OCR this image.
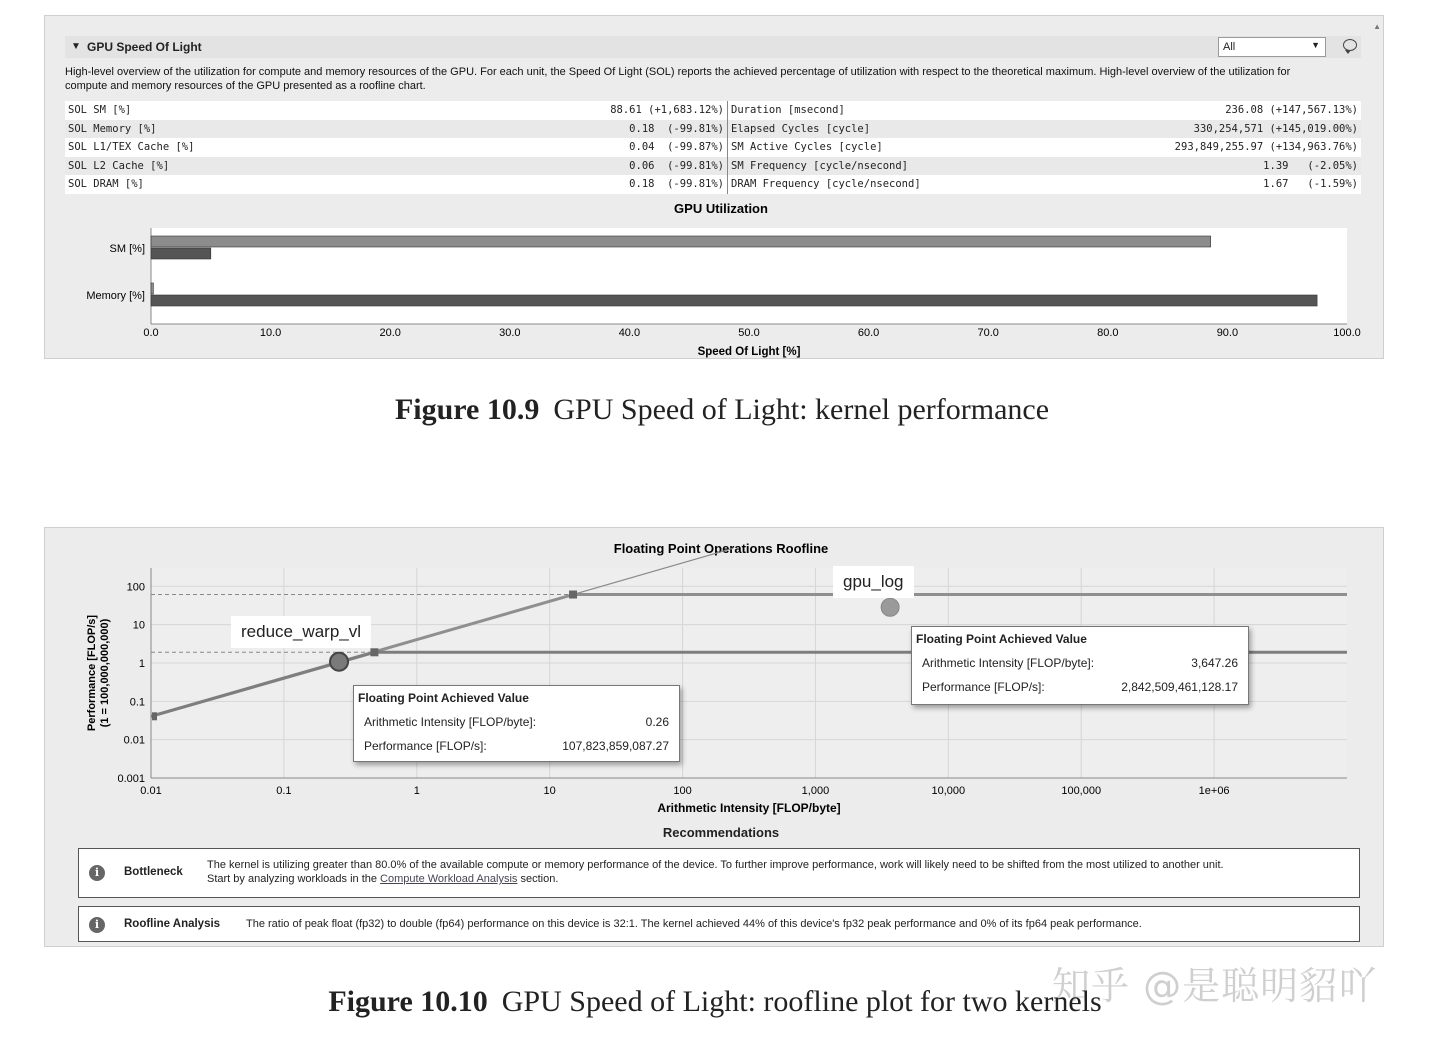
▼ GPU Speed Of Light	All	▼
▲
High-level overview of the utilization for compute and memory resources of the GPU. For each unit, the Speed Of Light (SOL) reports the achieved percentage of utilization with respect to the theoretical maximum. High-level overview of the utilization for compute and memory resources of the GPU presented as a roofline chart.
SOL SM [%]	88.61 (+1,683.12%)	Duration [msecond]	236.08 (+147,567.13%)
SOL Memory [%]	0.18  (-99.81%)	Elapsed Cycles [cycle]	330,254,571 (+145,019.00%)
SOL L1/TEX Cache [%]	0.04  (-99.87%)	SM Active Cycles [cycle]	293,849,255.97 (+134,963.76%)
SOL L2 Cache [%]	0.06  (-99.81%)	SM Frequency [cycle/nsecond]	1.39   (-2.05%)
SOL DRAM [%]	0.18  (-99.81%)	DRAM Frequency [cycle/nsecond]	1.67   (-1.59%)
GPU Utilization
SM [%]
Memory [%]
0.0	10.0	20.0	30.0	40.0	50.0	60.0	70.0	80.0	90.0	100.0
Speed Of Light [%]
Figure 10.9 GPU Speed of Light: kernel performance
Floating Point Operations Roofline
0.01	0.1	1	10	100	1,000	10,000	100,000	1e+06
0.001
0.01
0.1
1
10
100
Arithmetic Intensity [FLOP/byte]
Performance [FLOP/s] (1 = 100,000,000,000)	reduce_warp_vl
gpu_log
Floating Point Achieved Value
Arithmetic Intensity [FLOP/byte]:	0.26
Performance [FLOP/s]:	107,823,859,087.27
Floating Point Achieved Value
Arithmetic Intensity [FLOP/byte]:	3,647.26
Performance [FLOP/s]:	2,842,509,461,128.17
Recommendations
i	Bottleneck
The kernel is utilizing greater than 80.0% of the available compute or memory performance of the device. To further improve performance, work will likely need to be shifted from the most utilized to another unit.
Start by analyzing workloads in the Compute Workload Analysis section.
i	Roofline Analysis The ratio of peak float (fp32) to double (fp64) performance on this device is 32:1. The kernel achieved 44% of this device's fp32 peak performance and 0% of its fp64 peak performance.
知乎 @是聪明貂吖
Figure 10.10 GPU Speed of Light: roofline plot for two kernels
